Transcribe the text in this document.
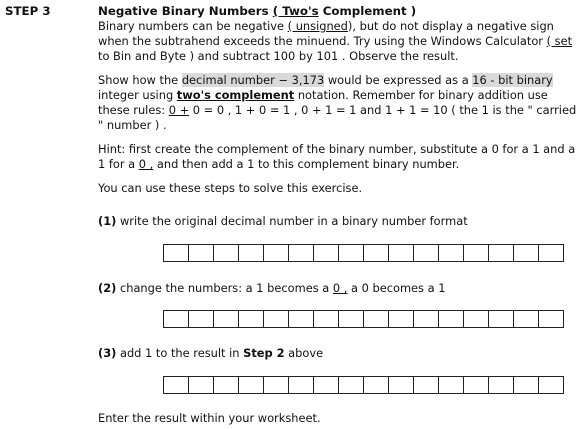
STEP 3	Negative Binary Numbers ( Two's Complement )

Binary numbers can be negative ( unsigned), but do not display a negative sign when the subtrahend exceeds the minuend. Try using the Windows Calculator ( set to Bin and Byte ) and subtract 100 by 101 . Observe the result.

Show how the decimal number − 3,173 would be expressed as a 16 - bit binary integer using two's complement notation. Remember for binary addition use these rules: 0 + 0 = 0 , 1 + 0 = 1 , 0 + 1 = 1 and 1 + 1 = 10 ( the 1 is the " carried " number ) .

Hint: first create the complement of the binary number, substitute a 0 for a 1 and a 1 for a 0 , and then add a 1 to this complement binary number.

You can use these steps to solve this exercise.

(1) write the original decimal number in a binary number format
(2) change the numbers: a 1 becomes a 0 , a 0 becomes a 1
(3) add 1 to the result in Step 2 above
Enter the result within your worksheet.
